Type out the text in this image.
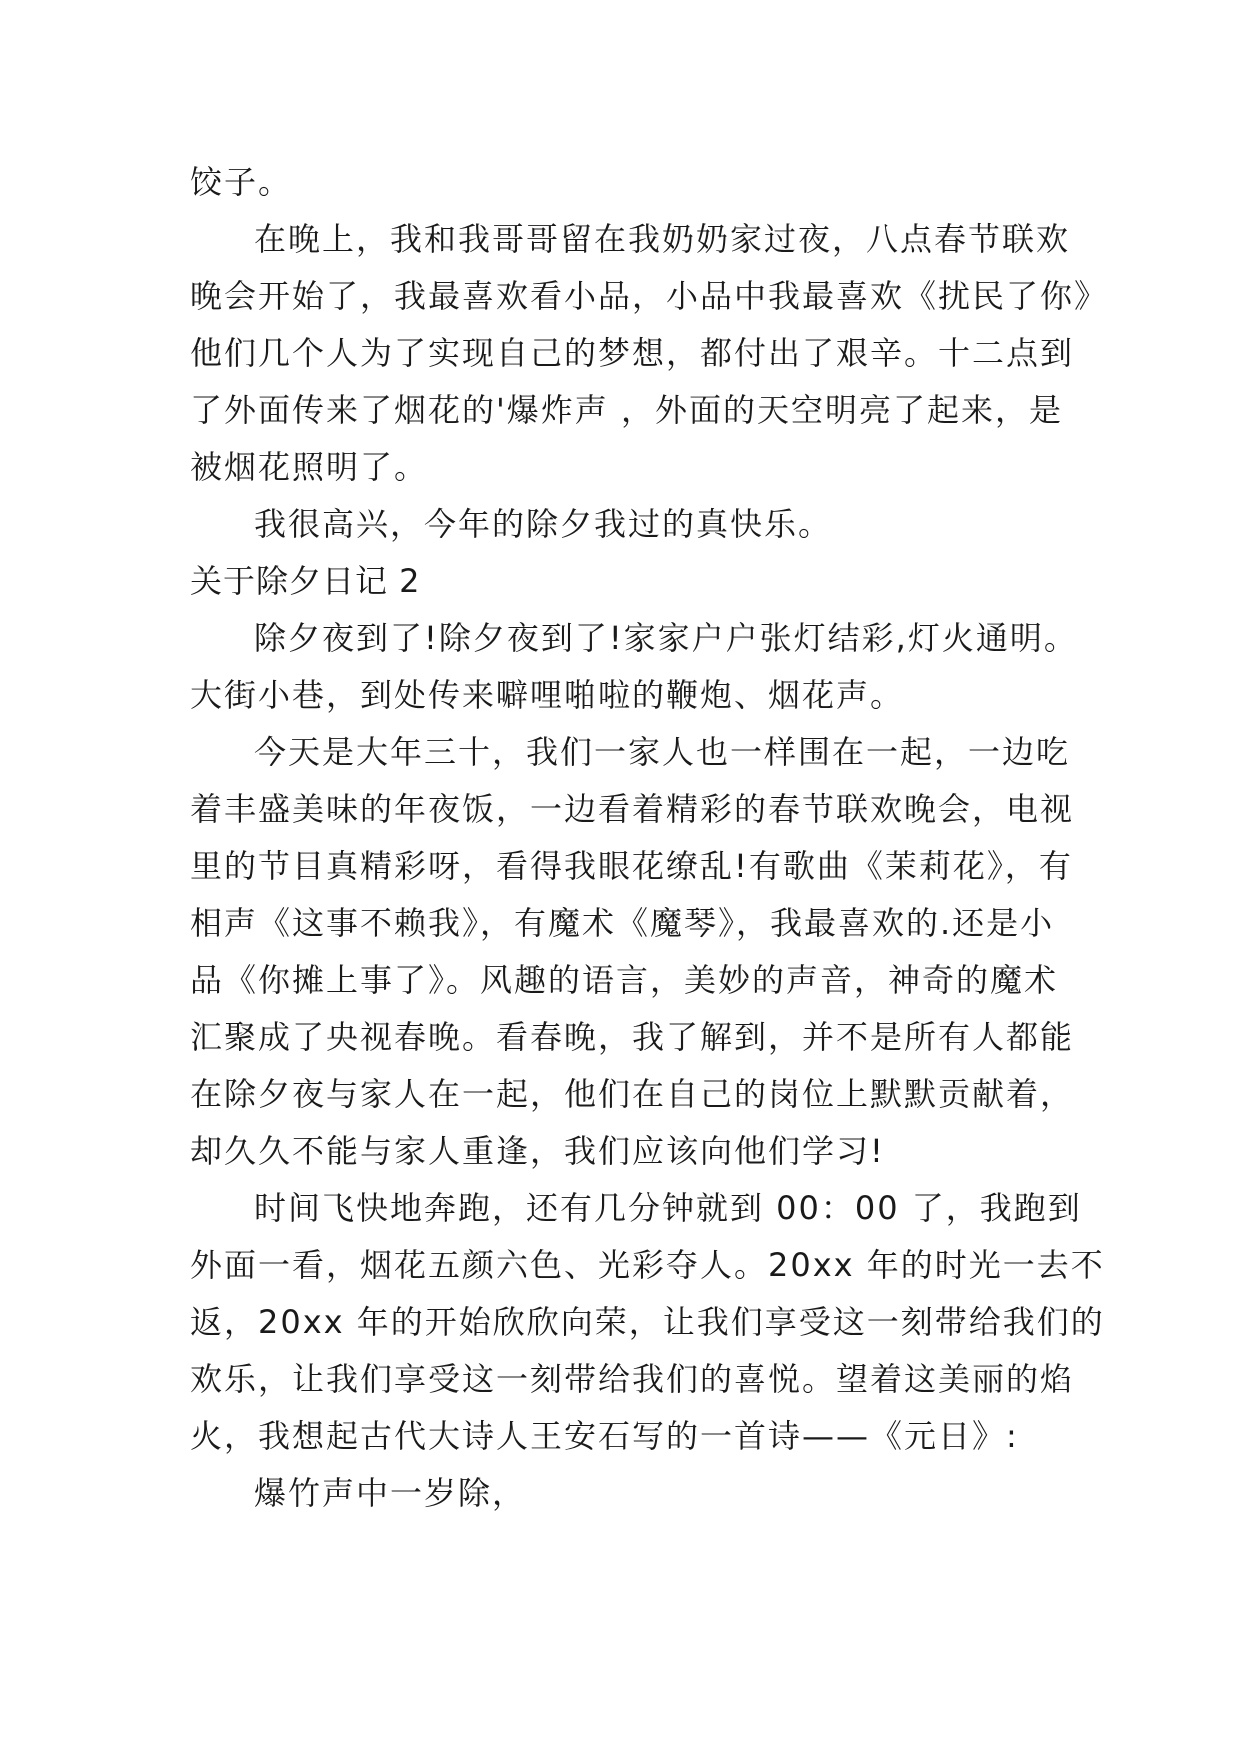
饺子。
在晚上，我和我哥哥留在我奶奶家过夜，八点春节联欢
晚会开始了，我最喜欢看小品，小品中我最喜欢《扰民了你》
他们几个人为了实现自己的梦想，都付出了艰辛。十二点到
了外面传来了烟花的'爆炸声 ，外面的天空明亮了起来，是
被烟花照明了。
我很高兴，今年的除夕我过的真快乐。
关于除夕日记 2
除夕夜到了!除夕夜到了!家家户户张灯结彩,灯火通明。
大街小巷，到处传来噼哩啪啦的鞭炮、烟花声。
今天是大年三十，我们一家人也一样围在一起，一边吃
着丰盛美味的年夜饭，一边看着精彩的春节联欢晚会，电视
里的节目真精彩呀，看得我眼花缭乱!有歌曲《茉莉花》，有
相声《这事不赖我》，有魔术《魔琴》，我最喜欢的.还是小
品《你摊上事了》。风趣的语言，美妙的声音，神奇的魔术
汇聚成了央视春晚。看春晚，我了解到，并不是所有人都能
在除夕夜与家人在一起，他们在自己的岗位上默默贡献着，
却久久不能与家人重逢，我们应该向他们学习!
时间飞快地奔跑，还有几分钟就到 00：00 了，我跑到
外面一看，烟花五颜六色、光彩夺人。20xx 年的时光一去不
返，20xx 年的开始欣欣向荣，让我们享受这一刻带给我们的
欢乐，让我们享受这一刻带给我们的喜悦。望着这美丽的焰
火，我想起古代大诗人王安石写的一首诗——《元日》:
爆竹声中一岁除，
